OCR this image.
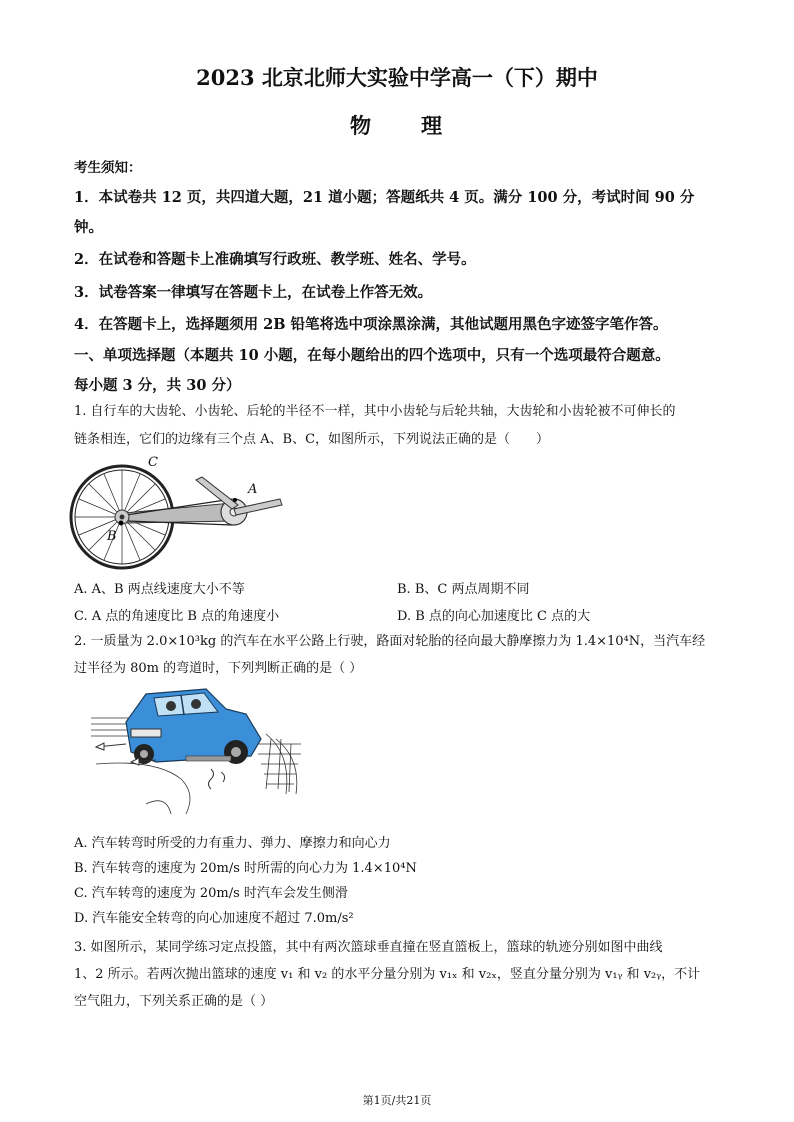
2023 北京北师大实验中学高一（下）期中
物 理
考生须知：
1．本试卷共 12 页，共四道大题，21 道小题；答题纸共 4 页。满分 100 分，考试时间 90 分
钟。
2．在试卷和答题卡上准确填写行政班、教学班、姓名、学号。
3．试卷答案一律填写在答题卡上，在试卷上作答无效。
4．在答题卡上，选择题须用 2B 铅笔将选中项涂黑涂满，其他试题用黑色字迹签字笔作答。
一、单项选择题（本题共 10 小题，在每小题给出的四个选项中，只有一个选项最符合题意。
每小题 3 分，共 30 分）
1. 自行车的大齿轮、小齿轮、后轮的半径不一样，其中小齿轮与后轮共轴，大齿轮和小齿轮被不可伸长的
链条相连，它们的边缘有三个点 A、B、C，如图所示，下列说法正确的是（　　）
C
A
B
A. A、B 两点线速度大小不等	B. B、C 两点周期不同
C. A 点的角速度比 B 点的角速度小	D. B 点的向心加速度比 C 点的大
2. 一质量为 2.0×10³kg 的汽车在水平公路上行驶，路面对轮胎的径向最大静摩擦力为 1.4×10⁴N，当汽车经
过半径为 80m 的弯道时，下列判断正确的是（ ）
A. 汽车转弯时所受的力有重力、弹力、摩擦力和向心力
B. 汽车转弯的速度为 20m/s 时所需的向心力为 1.4×10⁴N
C. 汽车转弯的速度为 20m/s 时汽车会发生侧滑
D. 汽车能安全转弯的向心加速度不超过 7.0m/s²
3. 如图所示，某同学练习定点投篮，其中有两次篮球垂直撞在竖直篮板上，篮球的轨迹分别如图中曲线
1、2 所示。若两次抛出篮球的速度 v₁ 和 v₂ 的水平分量分别为 v₁ₓ 和 v₂ₓ，竖直分量分别为 v₁ᵧ 和 v₂ᵧ，不计
空气阻力，下列关系正确的是（ ）
第1页/共21页
